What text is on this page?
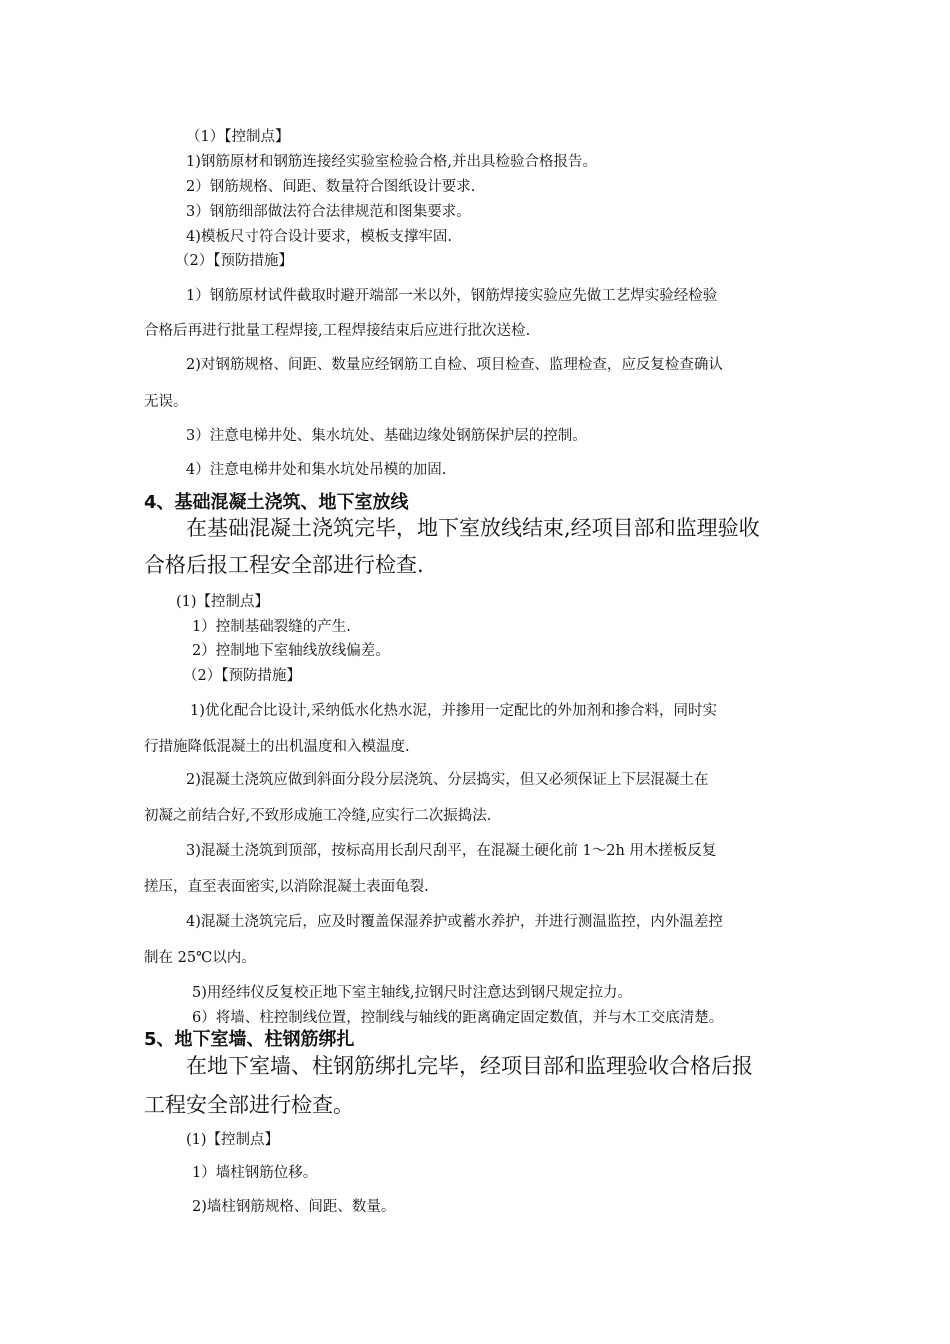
（1）【控制点】
1)钢筋原材和钢筋连接经实验室检验合格,并出具检验合格报告。
2）钢筋规格、间距、数量符合图纸设计要求.
3）钢筋细部做法符合法律规范和图集要求。
4)模板尺寸符合设计要求，模板支撑牢固.
（2）【预防措施】
1）钢筋原材试件截取时避开端部一米以外，钢筋焊接实验应先做工艺焊实验经检验
合格后再进行批量工程焊接,工程焊接结束后应进行批次送检.
2)对钢筋规格、间距、数量应经钢筋工自检、项目检查、监理检查，应反复检查确认
无误。
3）注意电梯井处、集水坑处、基础边缘处钢筋保护层的控制。
4）注意电梯井处和集水坑处吊模的加固.
4、基础混凝土浇筑、地下室放线
在基础混凝土浇筑完毕，地下室放线结束,经项目部和监理验收
合格后报工程安全部进行检查.
(1)【控制点】
1）控制基础裂缝的产生.
2）控制地下室轴线放线偏差。
（2）【预防措施】
1)优化配合比设计,采纳低水化热水泥，并掺用一定配比的外加剂和掺合料，同时实
行措施降低混凝土的出机温度和入模温度.
2)混凝土浇筑应做到斜面分段分层浇筑、分层捣实，但又必须保证上下层混凝土在
初凝之前结合好,不致形成施工冷缝,应实行二次振捣法.
3)混凝土浇筑到顶部，按标高用长刮尺刮平，在混凝土硬化前 1～2h 用木搓板反复
搓压，直至表面密实,以消除混凝土表面龟裂.
4)混凝土浇筑完后，应及时覆盖保湿养护或蓄水养护，并进行测温监控，内外温差控
制在 25℃以内。
5)用经纬仪反复校正地下室主轴线,拉钢尺时注意达到钢尺规定拉力。
6）将墙、柱控制线位置，控制线与轴线的距离确定固定数值，并与木工交底清楚。
5、地下室墙、柱钢筋绑扎
在地下室墙、柱钢筋绑扎完毕，经项目部和监理验收合格后报
工程安全部进行检查。
(1)【控制点】
1）墙柱钢筋位移。
2)墙柱钢筋规格、间距、数量。
